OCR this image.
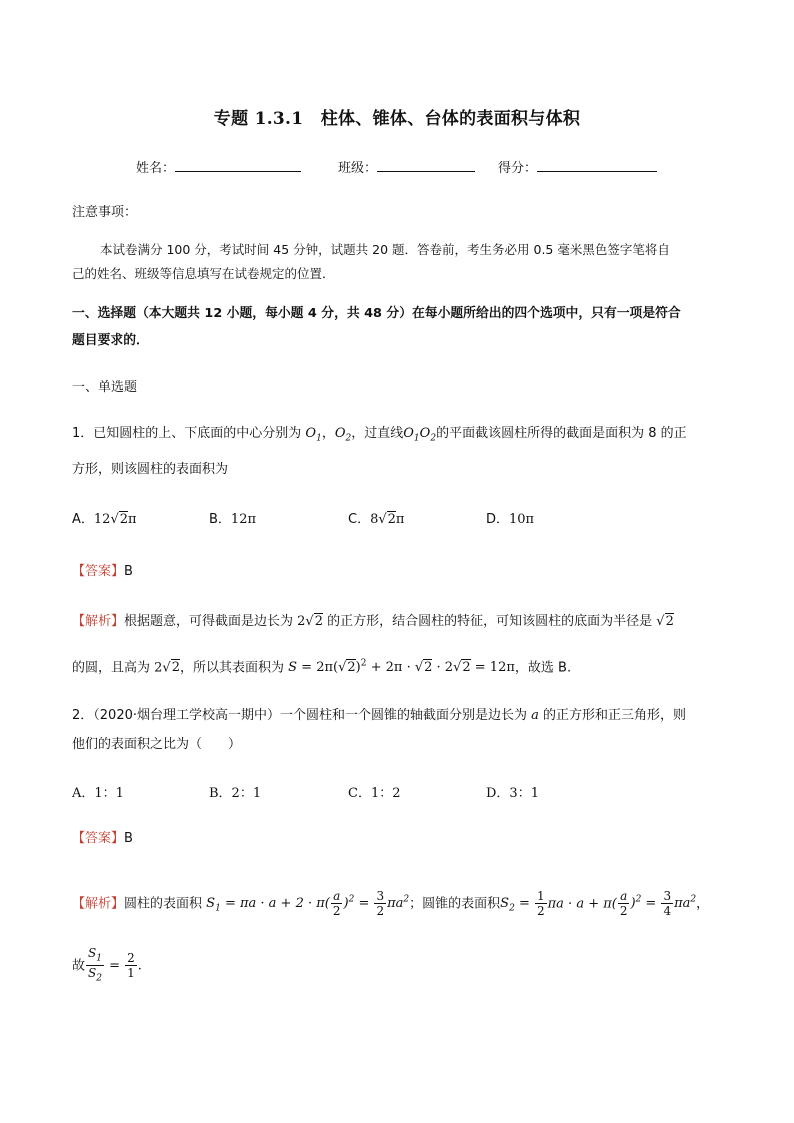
专题 1.3.1　柱体、锥体、台体的表面积与体积
姓名：	班级：	得分：
注意事项：
本试卷满分 100 分，考试时间 45 分钟，试题共 20 题．答卷前，考生务必用 0.5 毫米黑色签字笔将自
己的姓名、班级等信息填写在试卷规定的位置．
一、选择题（本大题共 12 小题，每小题 4 分，共 48 分）在每小题所给出的四个选项中，只有一项是符合
题目要求的．
一、单选题
1．已知圆柱的上、下底面的中心分别为 $O_1$，$O_2$，过直线$O_1O_2$的平面截该圆柱所得的截面是面积为 8 的正
方形，则该圆柱的表面积为
A．12√2π	B．12π	C．8√2π	D．10π
【答案】B
【解析】根据题意，可得截面是边长为 2√2 的正方形，结合圆柱的特征，可知该圆柱的底面为半径是 √2
的圆，且高为 2√2，所以其表面积为 $S = 2\pi(√2)^2 + 2\pi \cdot √2 \cdot 2√2 = 12\pi$，故选 B.
2．（2020·烟台理工学校高一期中）一个圆柱和一个圆锥的轴截面分别是边长为 a 的正方形和正三角形，则
他们的表面积之比为（　　）
A．1：1	B．2：1	C．1：2	D．3：1
【答案】B
【解析】圆柱的表面积 $S_1 = \pi a \cdot a + 2 \cdot \pi( \frac{a}{2} )^2 = \frac{3}{2} \pi a^2$；圆锥的表面积$S_2 = \frac{1}{2}$ $\pi a \cdot a + \pi( \frac{a}{2} )^2 = \frac{3}{4} \pi a^2$，
故 $\frac{S_1}{S_2} = \frac{2}{1}$ .
